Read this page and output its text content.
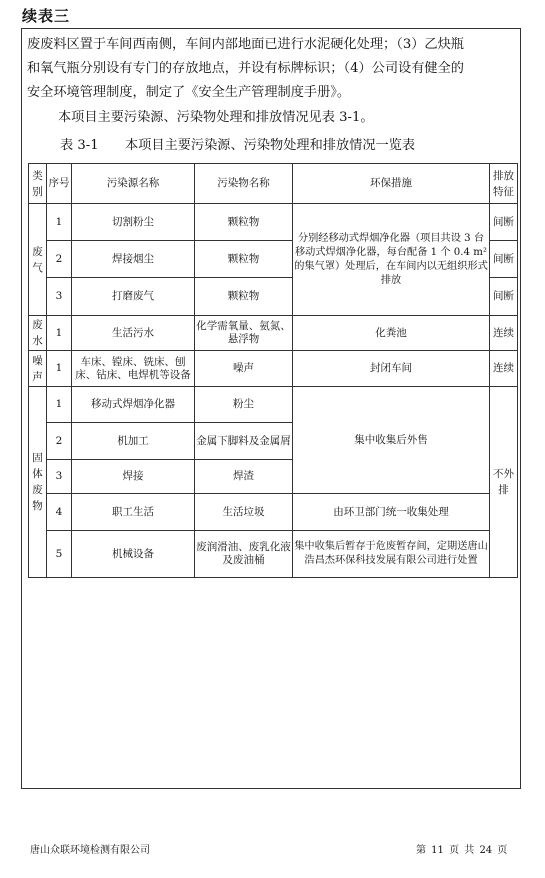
续表三
废废料区置于车间西南侧，车间内部地面已进行水泥硬化处理；（3）乙炔瓶
和氧气瓶分别设有专门的存放地点，并设有标牌标识；（4）公司设有健全的
安全环境管理制度，制定了《安全生产管理制度手册》。
本项目主要污染源、污染物处理和排放情况见表 3-1。
表 3-1　　本项目主要污染源、污染物处理和排放情况一览表
类别	序号	污染源名称	污染物名称	环保措施	排放特征
废气	1	切割粉尘	颗粒物	分别经移动式焊烟净化器（项目共设 3 台移动式焊烟净化器，每台配备 1 个 0.4 m² 的集气罩）处理后，在车间内以无组织形式排放	间断
	2	焊接烟尘	颗粒物		间断
	3	打磨废气	颗粒物		间断
废水	1	生活污水	化学需氧量、氨氮、悬浮物	化粪池	连续
噪声	1	车床、镗床、铣床、刨床、钻床、电焊机等设备	噪声	封闭车间	连续
固体废物	1	移动式焊烟净化器	粉尘	集中收集后外售	不外排
	2	机加工	金属下脚料及金属屑		
	3	焊接	焊渣		
	4	职工生活	生活垃圾	由环卫部门统一收集处理	
	5	机械设备	废润滑油、废乳化液及废油桶	集中收集后暂存于危废暂存间，定期送唐山浩昌杰环保科技发展有限公司进行处置	
唐山众联环境检测有限公司	第 11 页 共 24 页
